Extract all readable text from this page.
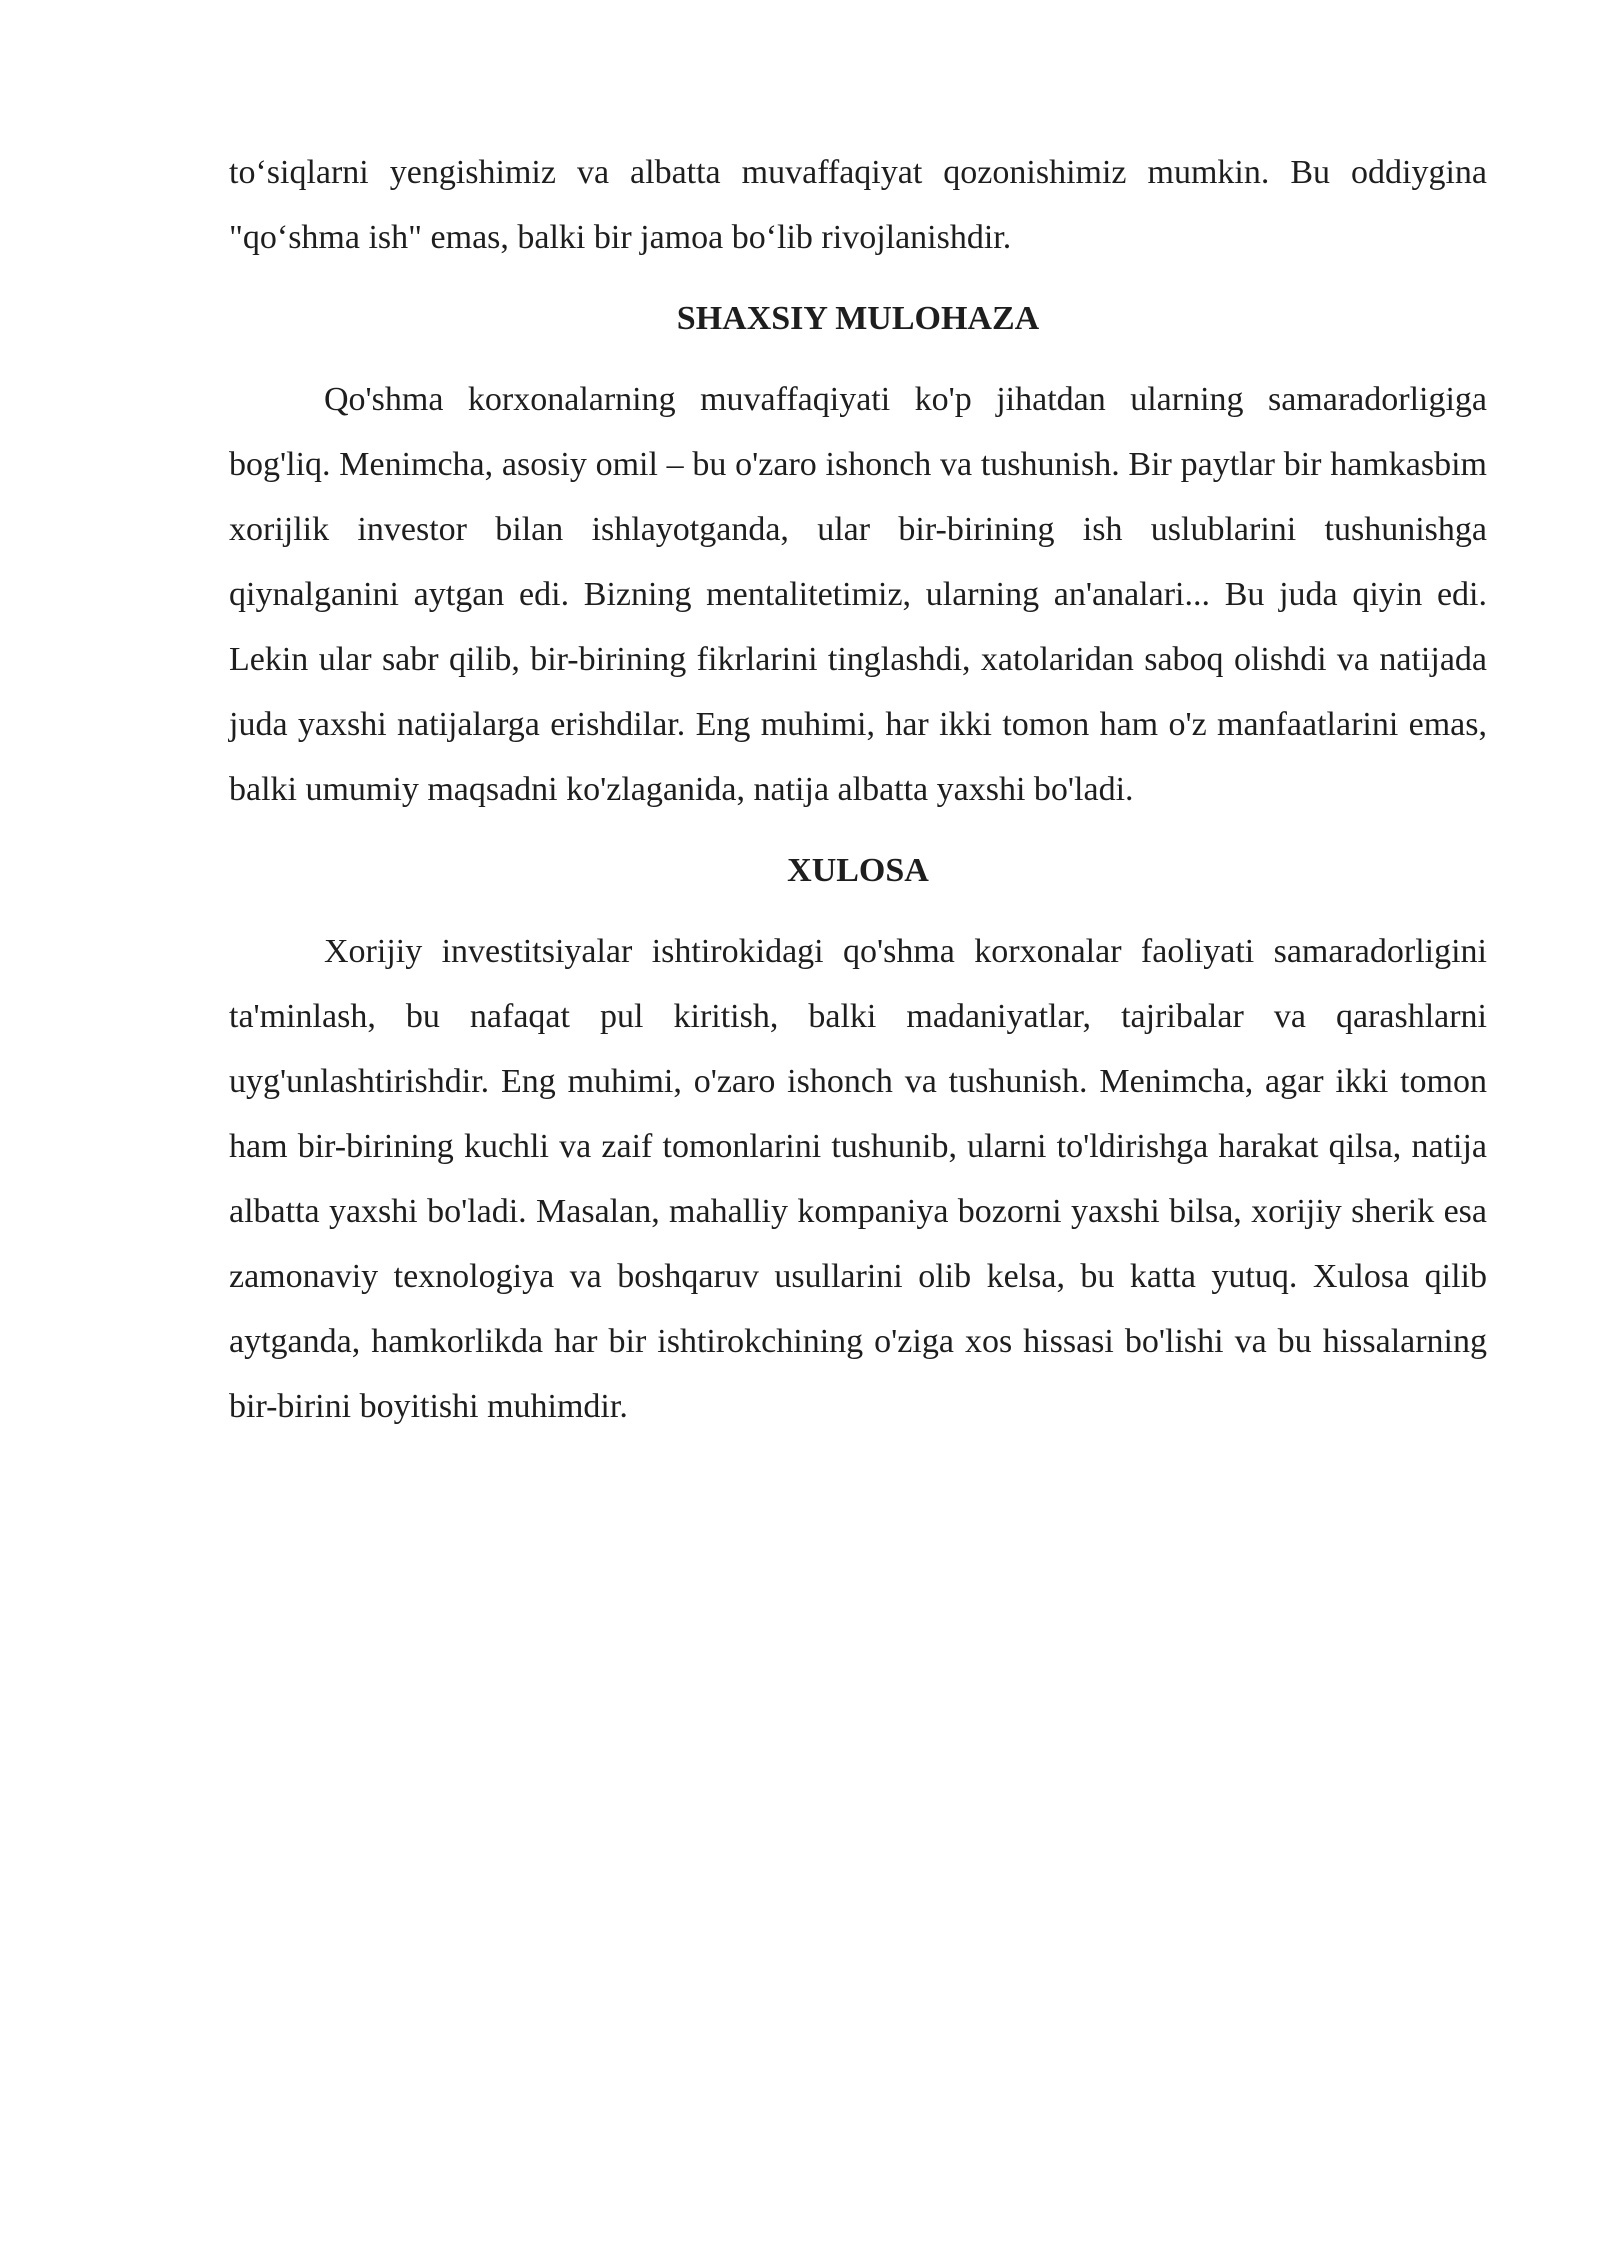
to‘siqlarni yengishimiz va albatta muvaffaqiyat qozonishimiz mumkin. Bu oddiygina "qo‘shma ish" emas, balki bir jamoa bo‘lib rivojlanishdir.

SHAXSIY MULOHAZA

Qo'shma korxonalarning muvaffaqiyati ko'p jihatdan ularning samaradorligiga bog'liq. Menimcha, asosiy omil – bu o'zaro ishonch va tushunish. Bir paytlar bir hamkasbim xorijlik investor bilan ishlayotganda, ular bir-birining ish uslublarini tushunishga qiynalganini aytgan edi. Bizning mentalitetimiz, ularning an'analari... Bu juda qiyin edi. Lekin ular sabr qilib, bir-birining fikrlarini tinglashdi, xatolaridan saboq olishdi va natijada juda yaxshi natijalarga erishdilar. Eng muhimi, har ikki tomon ham o'z manfaatlarini emas, balki umumiy maqsadni ko'zlaganida, natija albatta yaxshi bo'ladi.

XULOSA

Xorijiy investitsiyalar ishtirokidagi qo'shma korxonalar faoliyati samaradorligini ta'minlash, bu nafaqat pul kiritish, balki madaniyatlar, tajribalar va qarashlarni uyg'unlashtirishdir. Eng muhimi, o'zaro ishonch va tushunish. Menimcha, agar ikki tomon ham bir-birining kuchli va zaif tomonlarini tushunib, ularni to'ldirishga harakat qilsa, natija albatta yaxshi bo'ladi. Masalan, mahalliy kompaniya bozorni yaxshi bilsa, xorijiy sherik esa zamonaviy texnologiya va boshqaruv usullarini olib kelsa, bu katta yutuq. Xulosa qilib aytganda, hamkorlikda har bir ishtirokchining o'ziga xos hissasi bo'lishi va bu hissalarning bir-birini boyitishi muhimdir.
